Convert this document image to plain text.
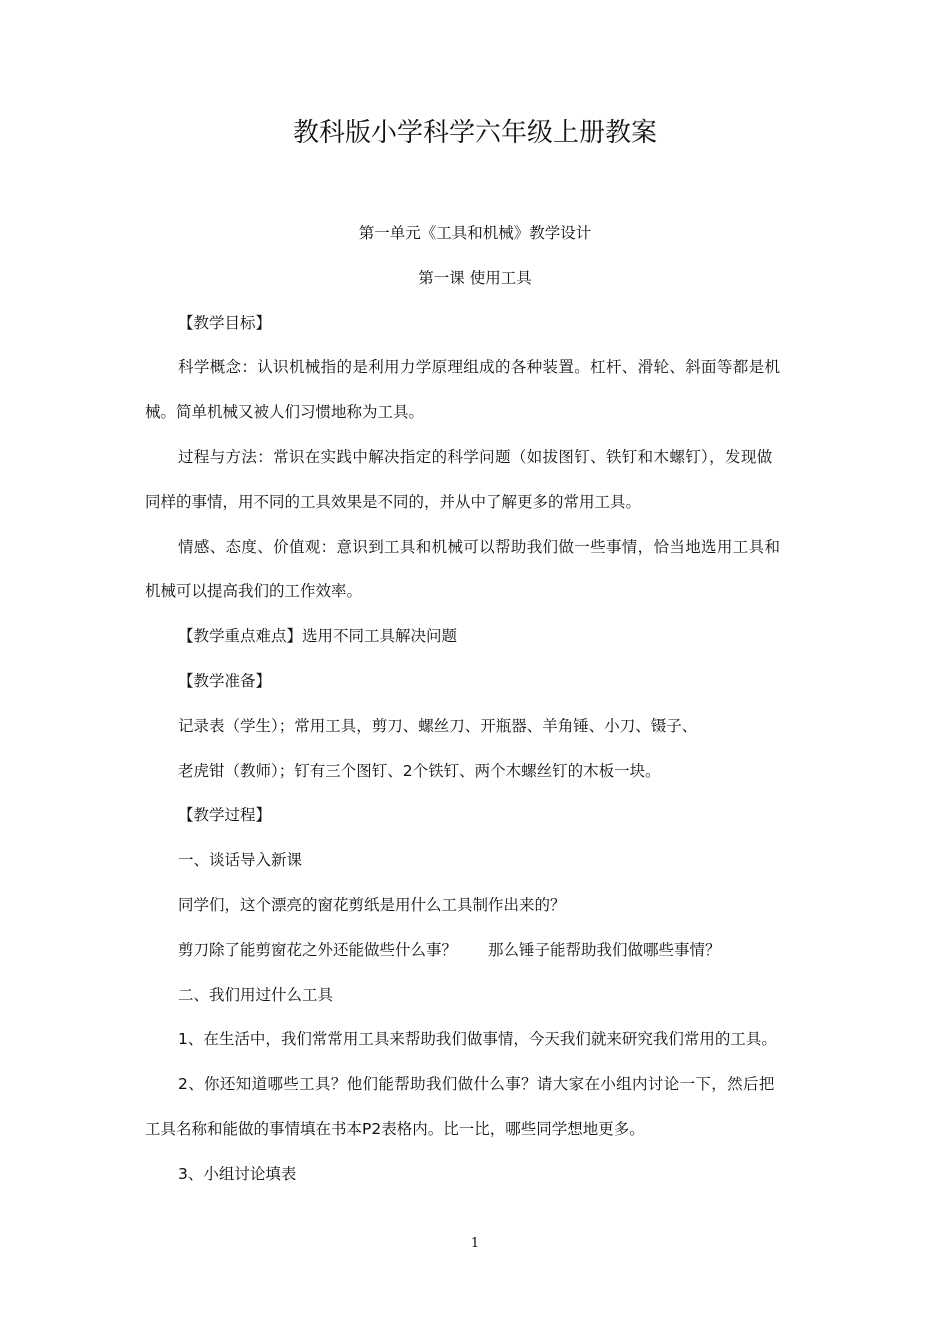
教科版小学科学六年级上册教案
第一单元《工具和机械》教学设计
第一课 使用工具
【教学目标】
科学概念：认识机械指的是利用力学原理组成的各种装置。杠杆、滑轮、斜面等都是机
械。简单机械又被人们习惯地称为工具。
过程与方法：常识在实践中解决指定的科学问题（如拔图钉、铁钉和木螺钉），发现做
同样的事情，用不同的工具效果是不同的，并从中了解更多的常用工具。
情感、态度、价值观：意识到工具和机械可以帮助我们做一些事情，恰当地选用工具和
机械可以提高我们的工作效率。
【教学重点难点】选用不同工具解决问题
【教学准备】
记录表（学生）；常用工具，剪刀、螺丝刀、开瓶器、羊角锤、小刀、镊子、
老虎钳（教师）；钉有三个图钉、2个铁钉、两个木螺丝钉的木板一块。
【教学过程】
一、谈话导入新课
同学们，这个漂亮的窗花剪纸是用什么工具制作出来的？
剪刀除了能剪窗花之外还能做些什么事？　　那么锤子能帮助我们做哪些事情？
二、我们用过什么工具
1、在生活中，我们常常用工具来帮助我们做事情，今天我们就来研究我们常用的工具。
2、你还知道哪些工具？他们能帮助我们做什么事？请大家在小组内讨论一下，然后把
工具名称和能做的事情填在书本P2表格内。比一比，哪些同学想地更多。
3、小组讨论填表
1
